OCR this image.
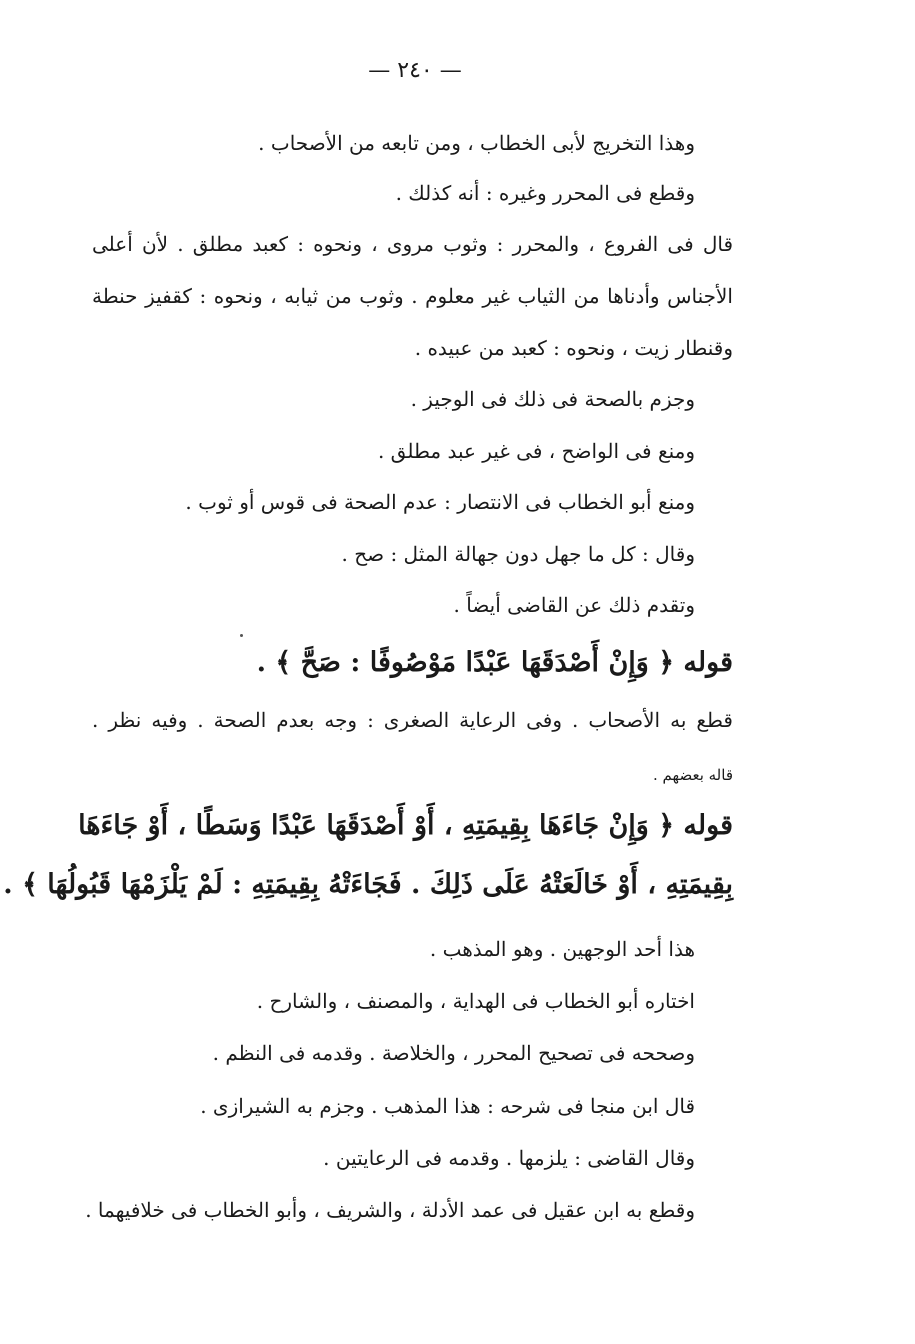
— ٢٤٠ —
وهذا التخريج لأبى الخطاب ، ومن تابعه من الأصحاب .
وقطع فى المحرر وغيره : أنه كذلك .
قال فى الفروع ، والمحرر : وثوب مروى ، ونحوه : كعبد مطلق . لأن أعلى
الأجناس وأدناها من الثياب غير معلوم . وثوب من ثيابه ، ونحوه : كقفيز حنطة
وقنطار زيت ، ونحوه : كعبد من عبيده .
وجزم بالصحة فى ذلك فى الوجيز .
ومنع فى الواضح ، فى غير عبد مطلق .
ومنع أبو الخطاب فى الانتصار : عدم الصحة فى قوس أو ثوب .
وقال : كل ما جهل دون جهالة المثل : صح .
وتقدم ذلك عن القاضى أيضاً .
قوله ﴿ وَإِنْ أَصْدَقَهَا عَبْدًا مَوْصُوفًا : صَحَّ ﴾ .
قطع به الأصحاب . وفى الرعاية الصغرى : وجه بعدم الصحة . وفيه نظر .
قاله بعضهم .
قوله ﴿ وَإِنْ جَاءَهَا بِقِيمَتِهِ ، أَوْ أَصْدَقَهَا عَبْدًا وَسَطًا ، أَوْ جَاءَهَا
بِقِيمَتِهِ ، أَوْ خَالَعَتْهُ عَلَى ذَلِكَ . فَجَاءَتْهُ بِقِيمَتِهِ : لَمْ يَلْزَمْهَا قَبُولُهَا ﴾ .
هذا أحد الوجهين . وهو المذهب .
اختاره أبو الخطاب فى الهداية ، والمصنف ، والشارح .
وصححه فى تصحيح المحرر ، والخلاصة . وقدمه فى النظم .
قال ابن منجا فى شرحه : هذا المذهب . وجزم به الشيرازى .
وقال القاضى : يلزمها . وقدمه فى الرعايتين .
وقطع به ابن عقيل فى عمد الأدلة ، والشريف ، وأبو الخطاب فى خلافيهما .
